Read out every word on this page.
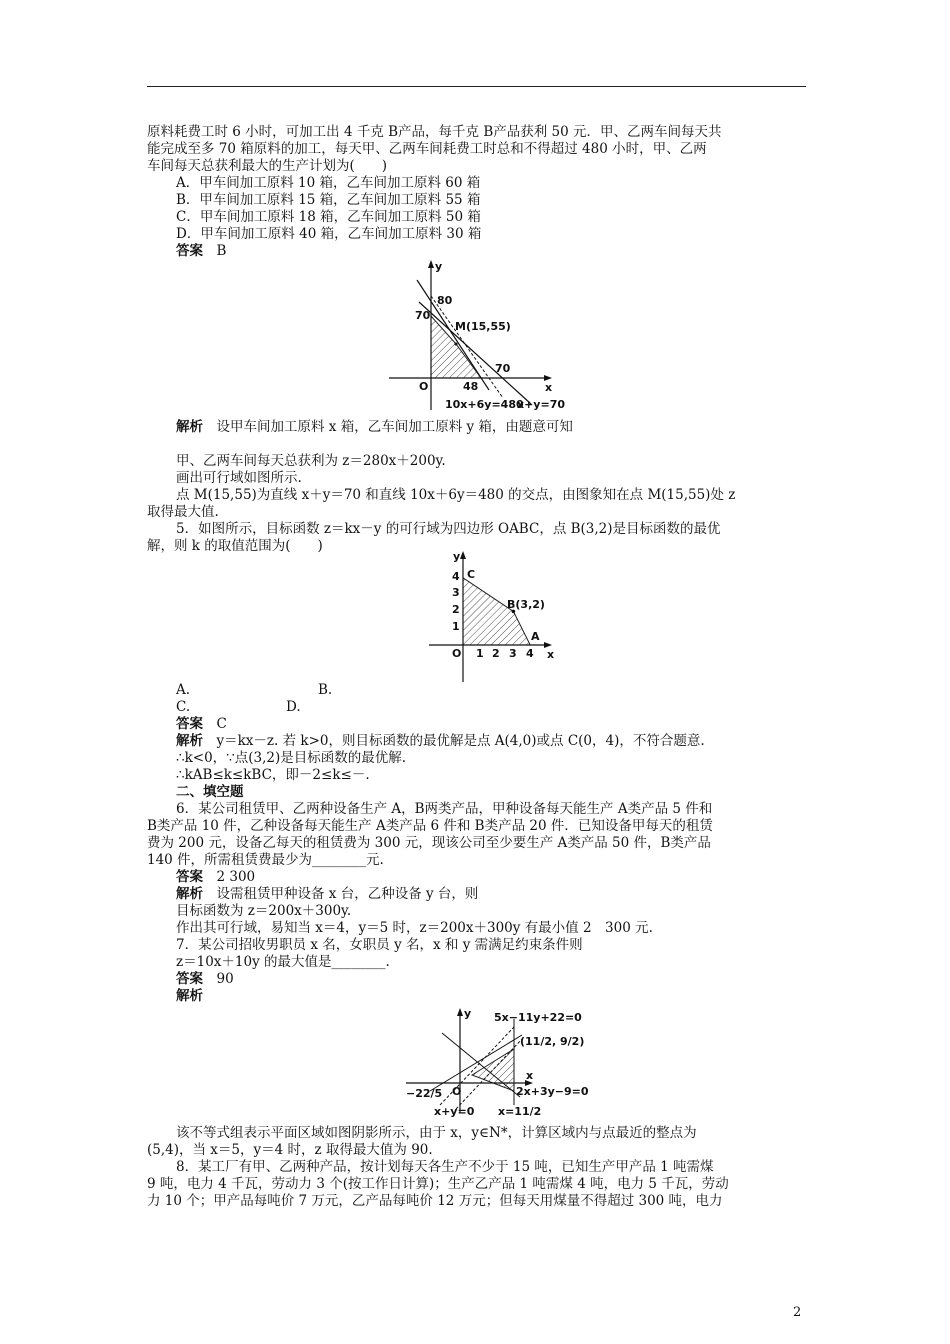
原料耗费工时 6 小时，可加工出 4 千克 B产品，每千克 B产品获利 50 元．甲、乙两车间每天共
能完成至多 70 箱原料的加工，每天甲、乙两车间耗费工时总和不得超过 480 小时，甲、乙两
车间每天总获利最大的生产计划为(　　)
A．甲车间加工原料 10 箱，乙车间加工原料 60 箱
B．甲车间加工原料 15 箱，乙车间加工原料 55 箱
C．甲车间加工原料 18 箱，乙车间加工原料 50 箱
D．甲车间加工原料 40 箱，乙车间加工原料 30 箱
答案　B
y
80
70
M(15,55)
70
O	48	x
10x+6y=480
x+y=70
解析　设甲车间加工原料 x 箱，乙车间加工原料 y 箱，由题意可知
甲、乙两车间每天总获利为 z＝280x＋200y.
画出可行域如图所示.
点 M(15,55)为直线 x＋y＝70 和直线 10x＋6y＝480 的交点，由图象知在点 M(15,55)处 z
取得最大值.
5．如图所示，目标函数 z＝kx－y 的可行域为四边形 OABC，点 B(3,2)是目标函数的最优
解，则 k 的取值范围为(　　)
y
C
B(3,2)
A
4
3
2
1
O 1 2 3 4 x
A.	B.
C.	D.
答案　C
解析　y＝kx－z. 若 k>0，则目标函数的最优解是点 A(4,0)或点 C(0，4)，不符合题意.
∴k<0，∵点(3,2)是目标函数的最优解.
∴kAB≤k≤kBC，即－2≤k≤－.
二、填空题
6．某公司租赁甲、乙两种设备生产 A，B两类产品，甲种设备每天能生产 A类产品 5 件和
B类产品 10 件，乙种设备每天能生产 A类产品 6 件和 B类产品 20 件．已知设备甲每天的租赁
费为 200 元，设备乙每天的租赁费为 300 元，现该公司至少要生产 A类产品 50 件，B类产品
140 件，所需租赁费最少为________元.
答案　2 300
解析　设需租赁甲种设备 x 台，乙种设备 y 台，则
目标函数为 z＝200x＋300y.
作出其可行域，易知当 x＝4，y＝5 时，z＝200x＋300y 有最小值 2　300 元.
7．某公司招收男职员 x 名，女职员 y 名，x 和 y 需满足约束条件则
z＝10x＋10y 的最大值是________.
答案　90
解析
y 5x−11y+22=0
(11/2, 9/2)
O
x
−22/5	2x+3y−9=0
x+y=0 x=11/2
该不等式组表示平面区域如图阴影所示，由于 x，y∈N*，计算区域内与点最近的整点为
(5,4)，当 x＝5，y＝4 时，z 取得最大值为 90.
8．某工厂有甲、乙两种产品，按计划每天各生产不少于 15 吨，已知生产甲产品 1 吨需煤
9 吨，电力 4 千瓦，劳动力 3 个(按工作日计算)；生产乙产品 1 吨需煤 4 吨，电力 5 千瓦，劳动
力 10 个；甲产品每吨价 7 万元，乙产品每吨价 12 万元；但每天用煤量不得超过 300 吨，电力
2
